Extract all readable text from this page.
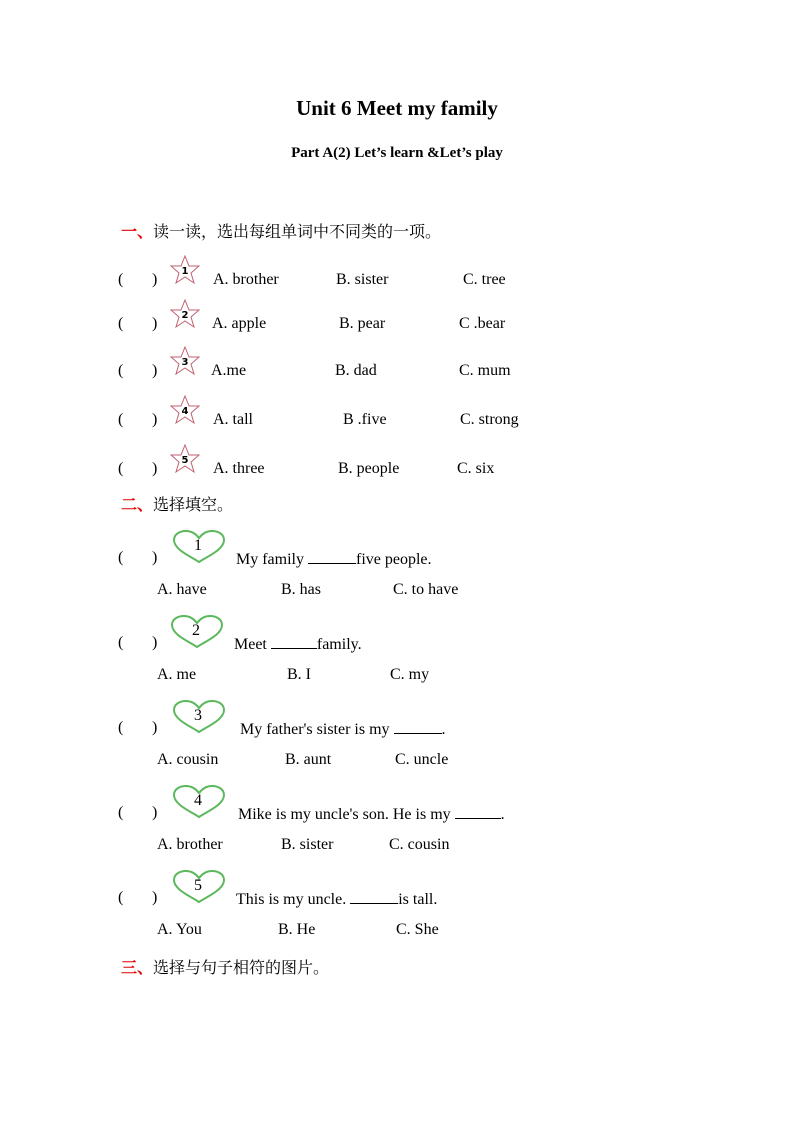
Unit 6 Meet my family
Part A(2) Let’s learn &Let’s play
一、读一读，选出每组单词中不同类的一项。
( ) 1 A. brother	B. sister	C. tree
( ) 2 A. apple	B. pear	C .bear
( ) 3 A.me	B. dad	C. mum
( ) 4 A. tall	B .five	C. strong
( ) 5 A. three	B. people	C. six
二、选择填空。
( )
1
My family	five people.
A. have	B. has	C. to have
( )
2
Meet	family.
A. me	B. I	C. my
( )
3
My father's sister is my	.
A. cousin	B. aunt	C. uncle
( )
4
Mike is my uncle's son. He is my	.
A. brother	B. sister	C. cousin
( )
5
This is my uncle.	is tall.
A. You	B. He	C. She
三、选择与句子相符的图片。
